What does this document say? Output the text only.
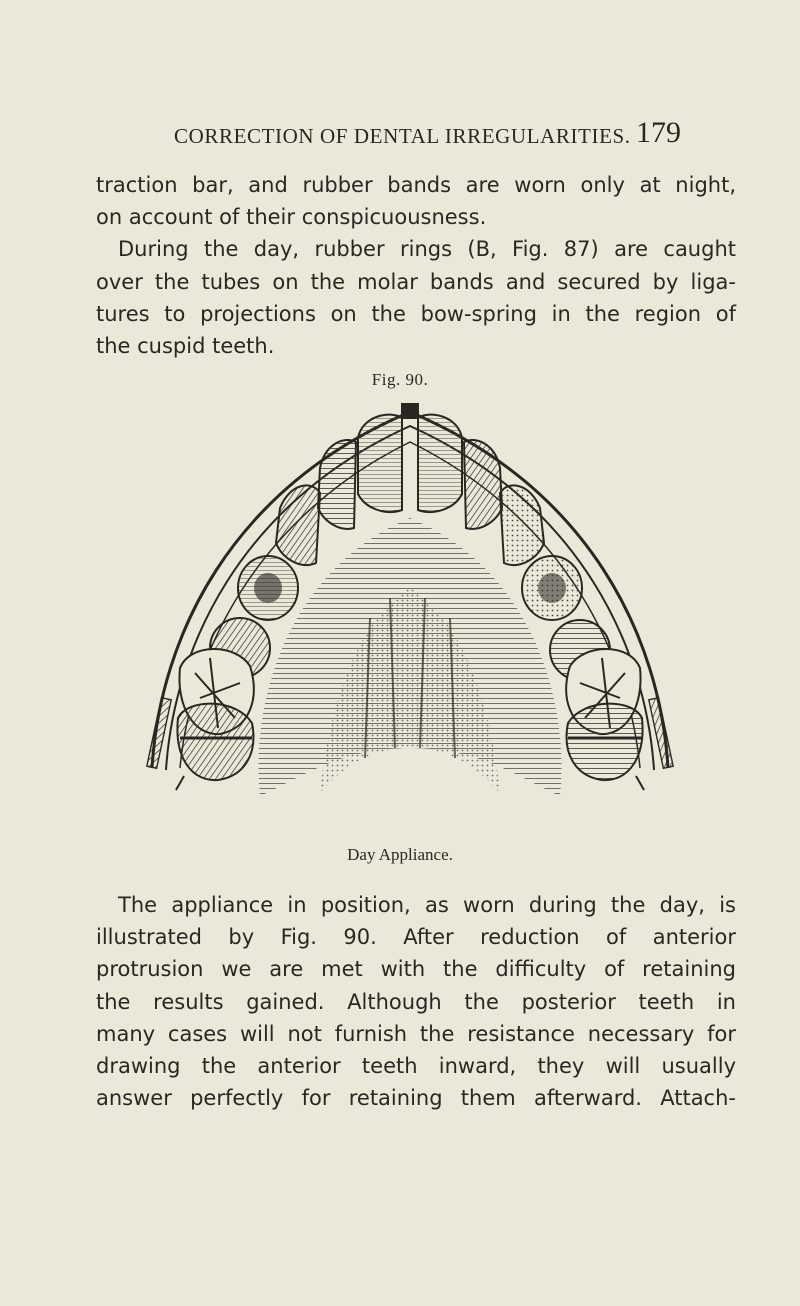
CORRECTION OF DENTAL IRREGULARITIES. 179
traction bar, and rubber bands are worn only at night,
on account of their conspicuousness.
During the day, rubber rings (B, Fig. 87) are caught
over the tubes on the molar bands and secured by liga-
tures to projections on the bow-spring in the region of
the cuspid teeth.
Fig. 90.
Day Appliance.
The appliance in position, as worn during the day, is
illustrated by Fig. 90. After reduction of anterior
protrusion we are met with the difficulty of retaining
the results gained. Although the posterior teeth in
many cases will not furnish the resistance necessary for
drawing the anterior teeth inward, they will usually
answer perfectly for retaining them afterward. Attach-
